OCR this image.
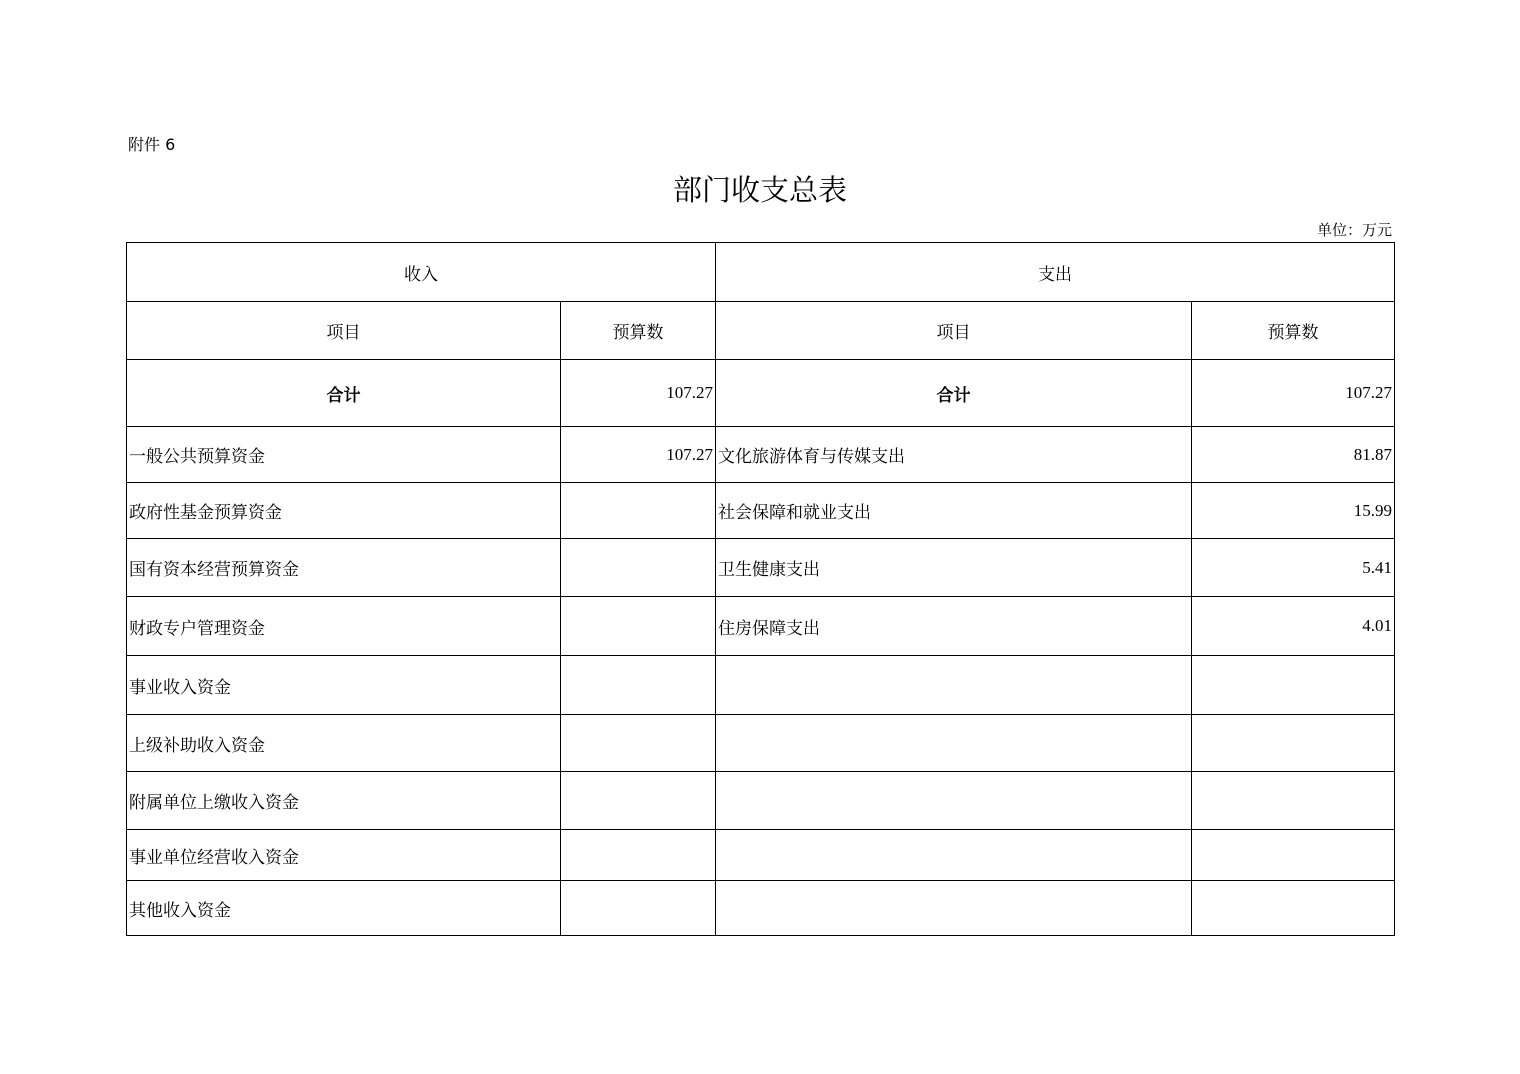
附件 6
部门收支总表
单位：万元
收入		支出	
项目	预算数	项目	预算数
合计	107.27	合计	107.27
一般公共预算资金	107.27	文化旅游体育与传媒支出	81.87
政府性基金预算资金		社会保障和就业支出	15.99
国有资本经营预算资金		卫生健康支出	5.41
财政专户管理资金		住房保障支出	4.01
事业收入资金			
上级补助收入资金			
附属单位上缴收入资金			
事业单位经营收入资金			
其他收入资金			
